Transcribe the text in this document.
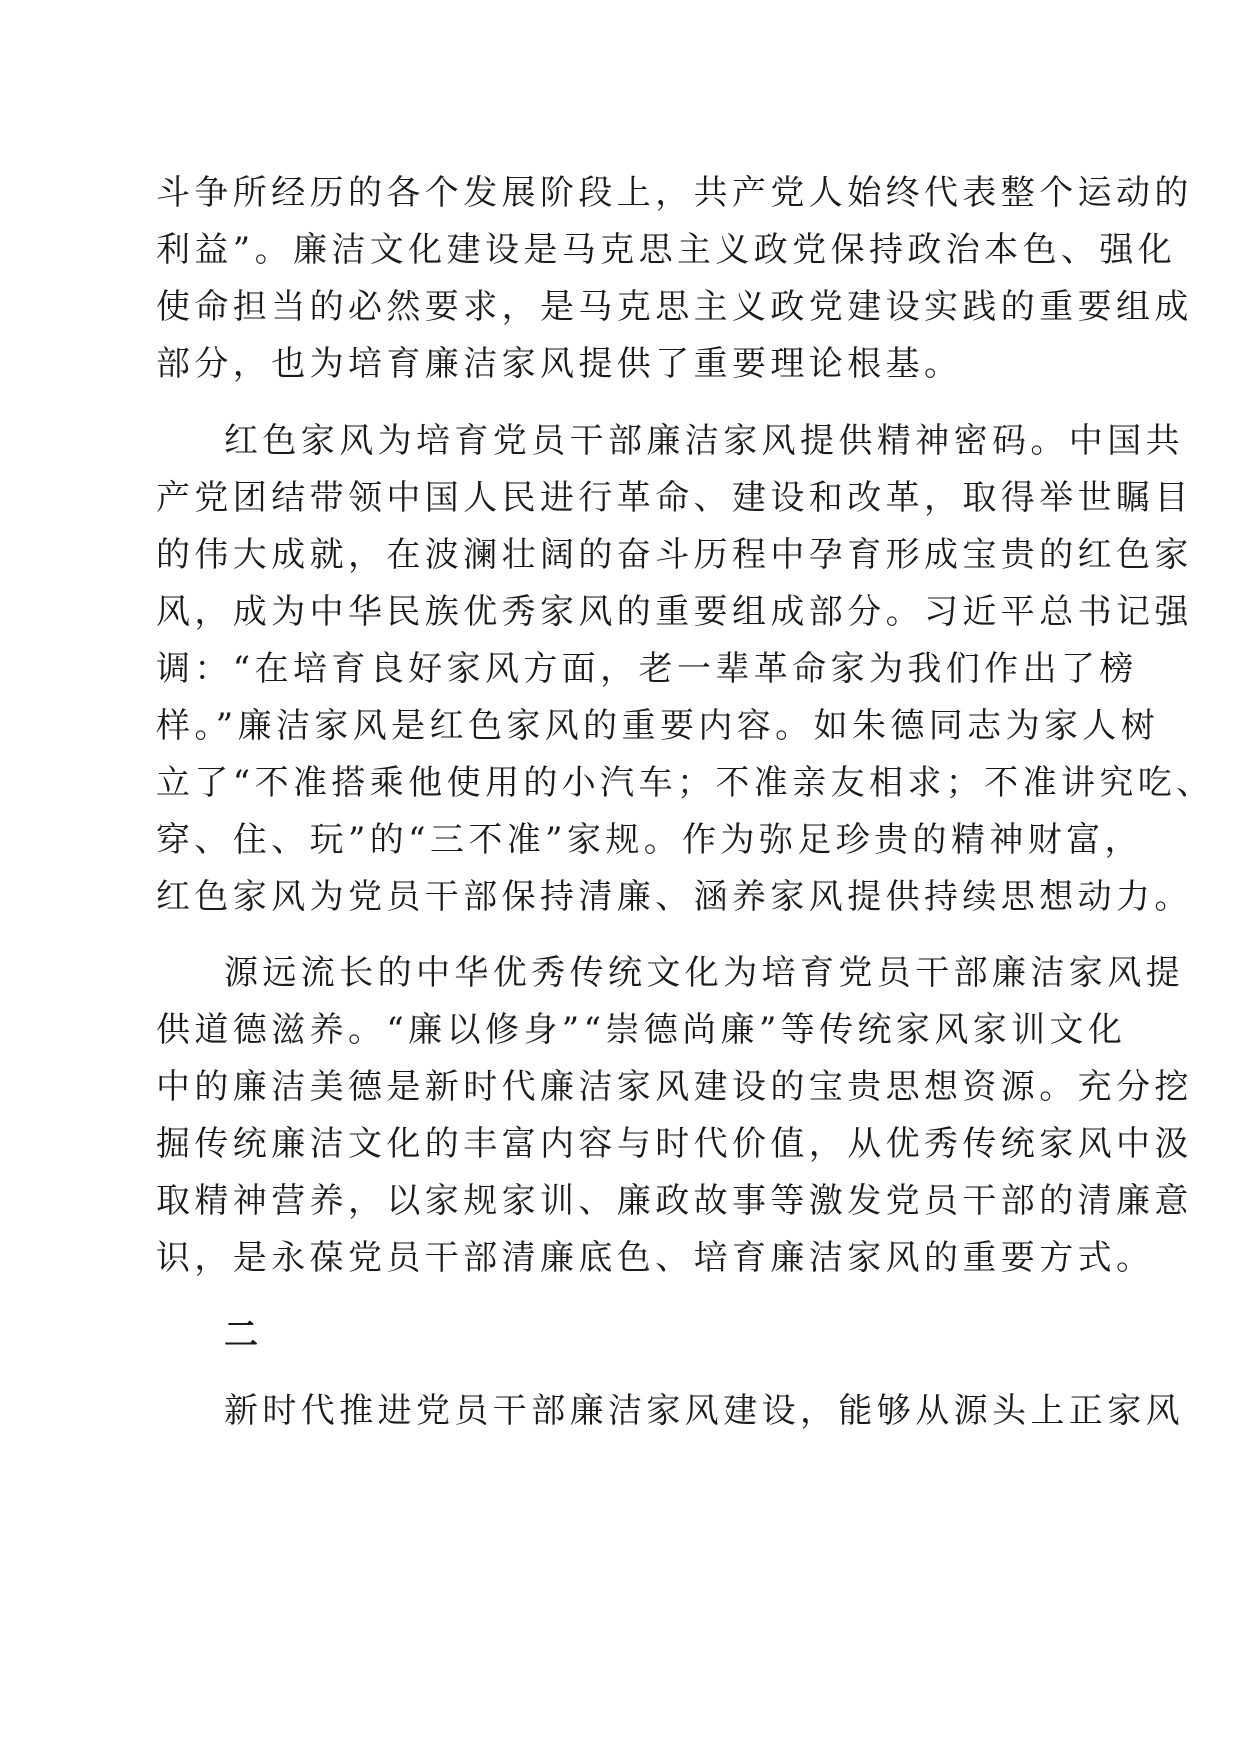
斗争所经历的各个发展阶段上，共产党人始终代表整个运动的

利益”。廉洁文化建设是马克思主义政党保持政治本色、强化

使命担当的必然要求，是马克思主义政党建设实践的重要组成

部分，也为培育廉洁家风提供了重要理论根基。

红色家风为培育党员干部廉洁家风提供精神密码。中国共

产党团结带领中国人民进行革命、建设和改革，取得举世瞩目

的伟大成就，在波澜壮阔的奋斗历程中孕育形成宝贵的红色家

风，成为中华民族优秀家风的重要组成部分。习近平总书记强

调：“在培育良好家风方面，老一辈革命家为我们作出了榜

样。”廉洁家风是红色家风的重要内容。如朱德同志为家人树

立了“不准搭乘他使用的小汽车；不准亲友相求；不准讲究吃、

穿、住、玩”的“三不准”家规。作为弥足珍贵的精神财富，

红色家风为党员干部保持清廉、涵养家风提供持续思想动力。

源远流长的中华优秀传统文化为培育党员干部廉洁家风提

供道德滋养。“廉以修身”“崇德尚廉”等传统家风家训文化

中的廉洁美德是新时代廉洁家风建设的宝贵思想资源。充分挖

掘传统廉洁文化的丰富内容与时代价值，从优秀传统家风中汲

取精神营养，以家规家训、廉政故事等激发党员干部的清廉意

识，是永葆党员干部清廉底色、培育廉洁家风的重要方式。

二

新时代推进党员干部廉洁家风建设，能够从源头上正家风
